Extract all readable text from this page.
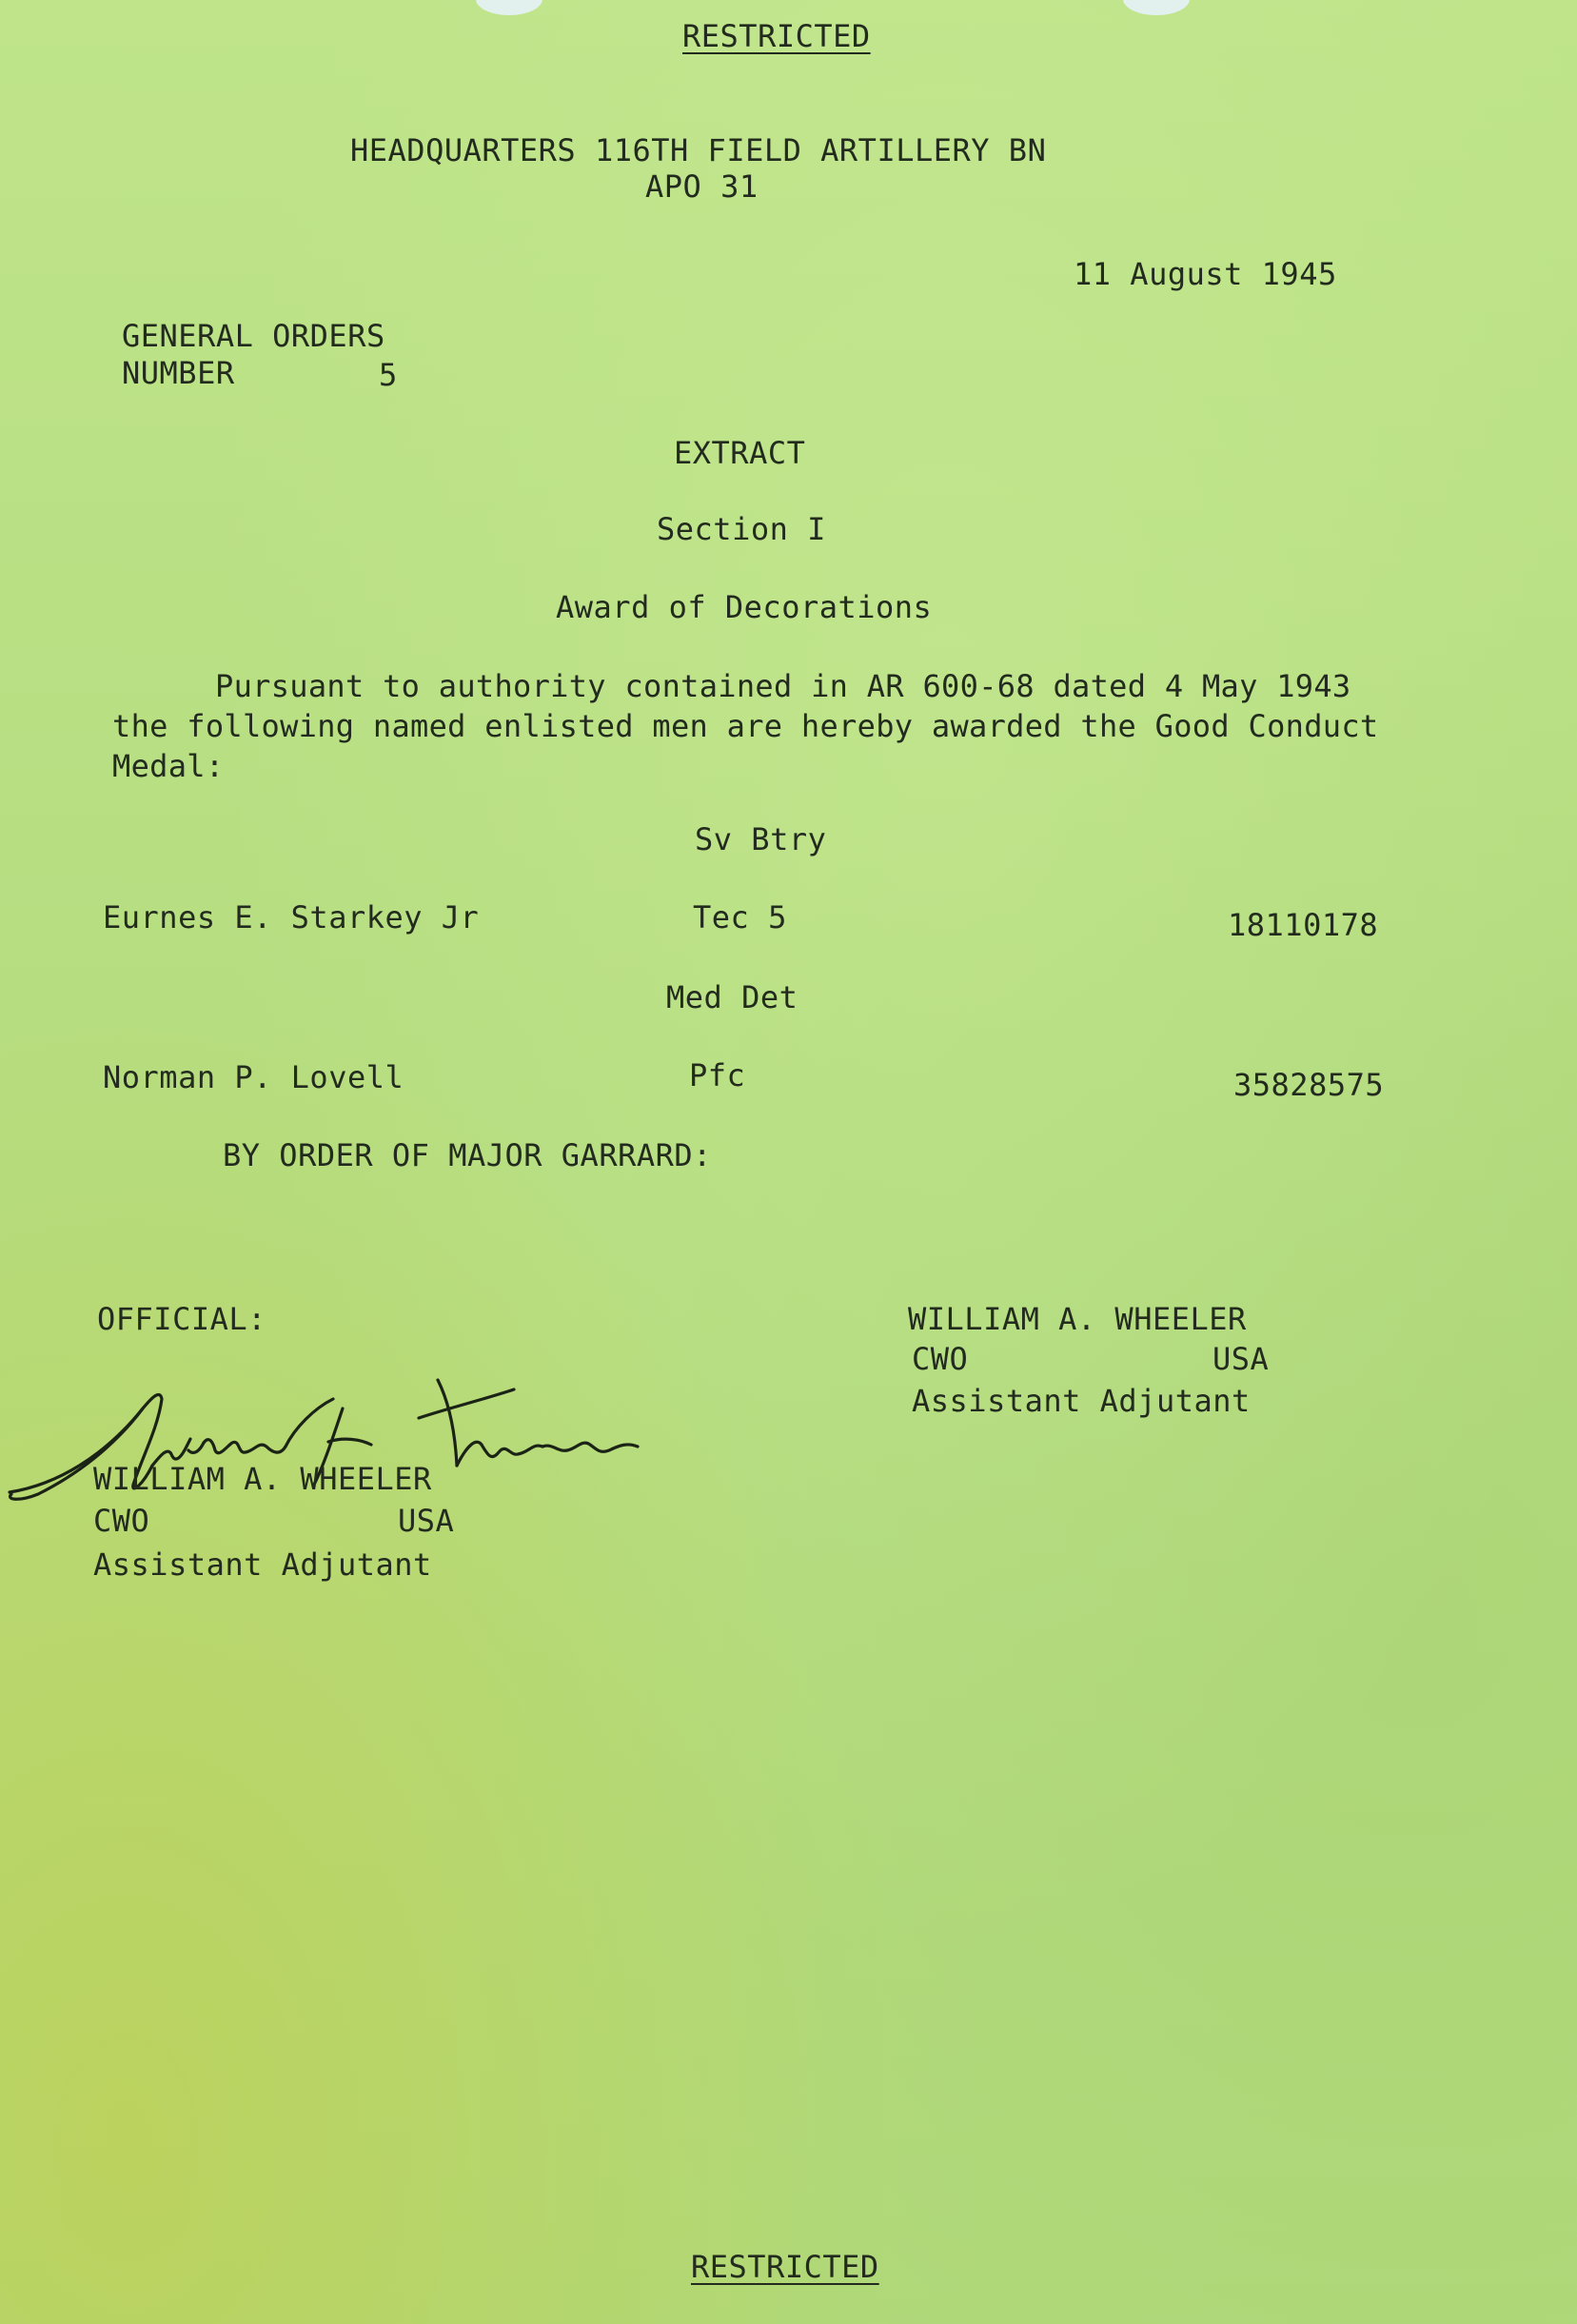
RESTRICTED
HEADQUARTERS 116TH FIELD ARTILLERY BN
APO 31
11 August 1945
GENERAL ORDERS
NUMBER	5
EXTRACT
Section I
Award of Decorations

Pursuant to authority contained in AR 600-68 dated 4 May 1943

the following named enlisted men are hereby awarded the Good Conduct Medal:

Sv Btry
Eurnes E. Starkey Jr	Tec 5	18110178
Med Det
Norman P. Lovell	Pfc	35828575
BY ORDER OF MAJOR GARRARD:
WILLIAM A. WHEELER
CWO	USA
Assistant Adjutant
OFFICIAL:
WILLIAM A. WHEELER
CWO	USA
Assistant Adjutant
RESTRICTED
